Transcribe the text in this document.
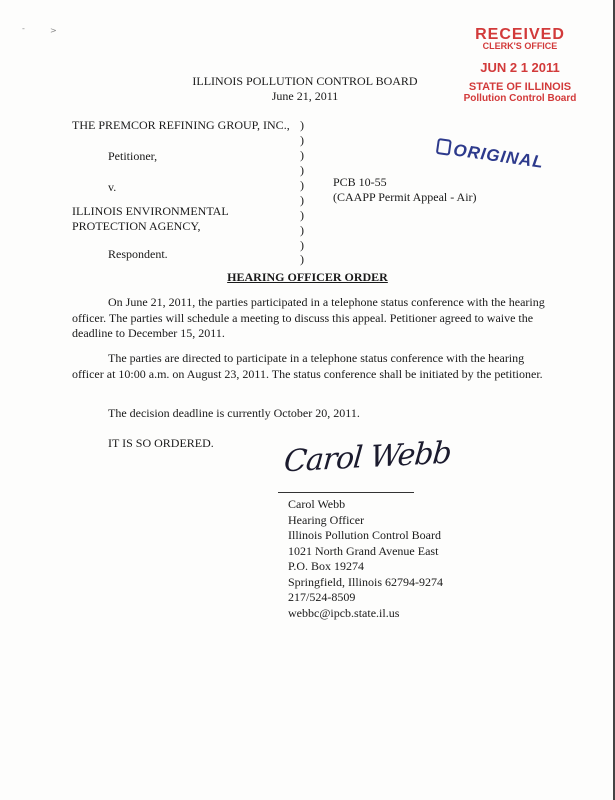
-	>	RECEIVED
CLERK'S OFFICE
JUN 2 1 2011
STATE OF ILLINOIS
Pollution Control Board
ORIGINAL
ILLINOIS POLLUTION CONTROL BOARD
June 21, 2011
THE PREMCOR REFINING GROUP, INC.,
Petitioner,
v.
ILLINOIS ENVIRONMENTAL
PROTECTION AGENCY,
Respondent.
)
)
)
)
)
)
)
)
)
)
PCB 10-55
(CAAPP Permit Appeal - Air)
HEARING OFFICER ORDER
On June 21, 2011, the parties participated in a telephone status conference with the hearing officer. The parties will schedule a meeting to discuss this appeal. Petitioner agreed to waive the deadline to December 15, 2011.
The parties are directed to participate in a telephone status conference with the hearing officer at 10:00 a.m. on August 23, 2011. The status conference shall be initiated by the petitioner.
The decision deadline is currently October 20, 2011.
IT IS SO ORDERED.	Carol Webb
Carol Webb
Hearing Officer
Illinois Pollution Control Board
1021 North Grand Avenue East
P.O. Box 19274
Springfield, Illinois 62794-9274
217/524-8509
webbc@ipcb.state.il.us
